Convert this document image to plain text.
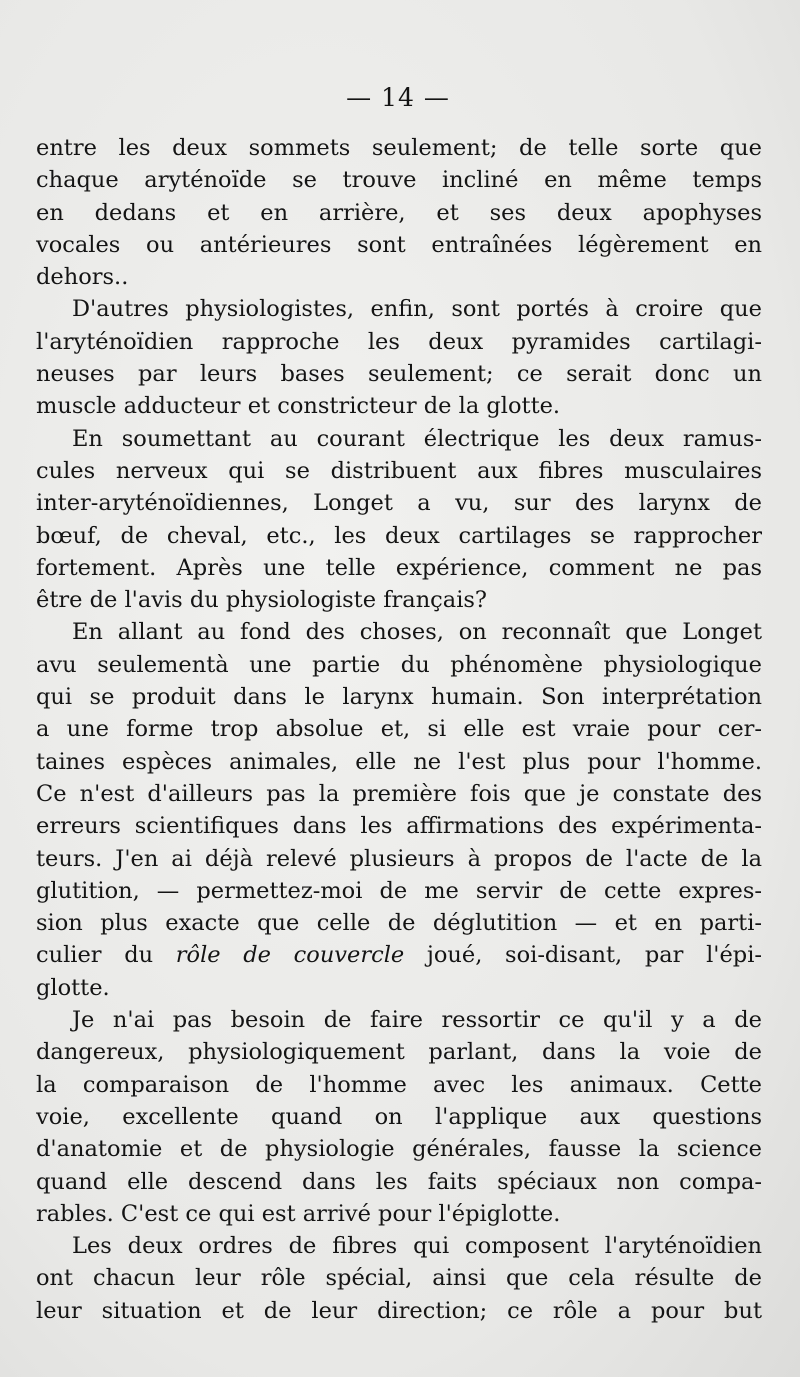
— 14 —
entre les deux sommets seulement; de telle sorte que
chaque aryténoïde se trouve incliné en même temps
en dedans et en arrière, et ses deux apophyses
vocales ou antérieures sont entraînées légèrement en
dehors..
D'autres physiologistes, enfin, sont portés à croire que
l'aryténoïdien rapproche les deux pyramides cartilagi-
neuses par leurs bases seulement; ce serait donc un
muscle adducteur et constricteur de la glotte.
En soumettant au courant électrique les deux ramus-
cules nerveux qui se distribuent aux fibres musculaires
inter-aryténoïdiennes, Longet a vu, sur des larynx de
bœuf, de cheval, etc., les deux cartilages se rapprocher
fortement. Après une telle expérience, comment ne pas
être de l'avis du physiologiste français?
En allant au fond des choses, on reconnaît que Longet
avu seulementà une partie du phénomène physiologique
qui se produit dans le larynx humain. Son interprétation
a une forme trop absolue et, si elle est vraie pour cer-
taines espèces animales, elle ne l'est plus pour l'homme.
Ce n'est d'ailleurs pas la première fois que je constate des
erreurs scientifiques dans les affirmations des expérimenta-
teurs. J'en ai déjà relevé plusieurs à propos de l'acte de la
glutition, — permettez-moi de me servir de cette expres-
sion plus exacte que celle de déglutition — et en parti-
culier du rôle de couvercle joué, soi-disant, par l'épi-
glotte.
Je n'ai pas besoin de faire ressortir ce qu'il y a de
dangereux, physiologiquement parlant, dans la voie de
la comparaison de l'homme avec les animaux. Cette
voie, excellente quand on l'applique aux questions
d'anatomie et de physiologie générales, fausse la science
quand elle descend dans les faits spéciaux non compa-
rables. C'est ce qui est arrivé pour l'épiglotte.
Les deux ordres de fibres qui composent l'aryténoïdien
ont chacun leur rôle spécial, ainsi que cela résulte de
leur situation et de leur direction; ce rôle a pour but
